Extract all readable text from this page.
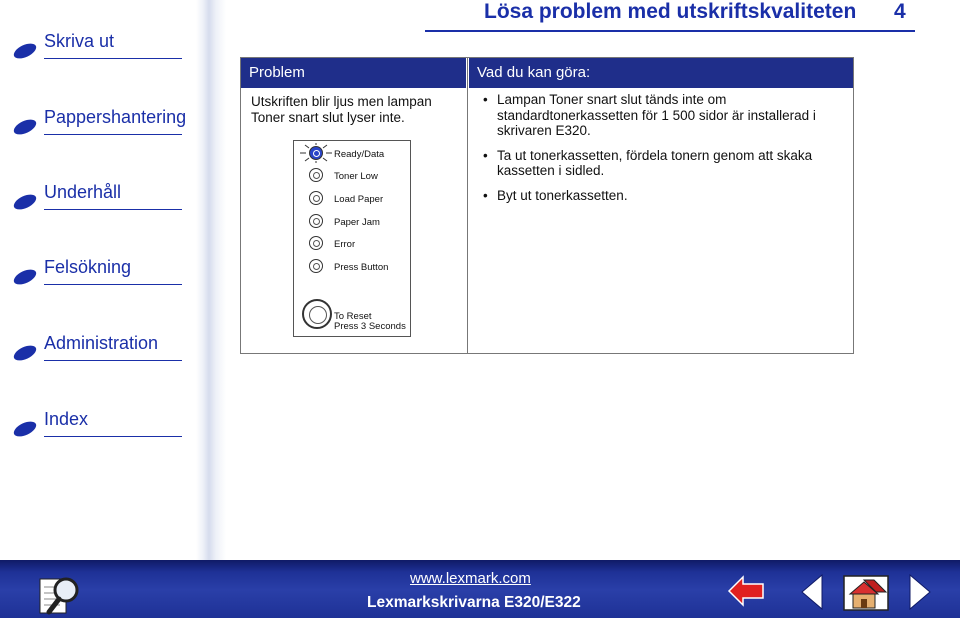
Skriva ut
Pappershantering
Underhåll
Felsökning
Administration
Index
Lösa problem med utskriftskvaliteten 4
Problem	Vad du kan göra:
Utskriften blir ljus men lampan Toner snart slut lyser inte.
• Lampan Toner snart slut tänds inte om standardtonerkassetten för 1 500 sidor är installerad i skrivaren E320.
• Ta ut tonerkassetten, fördela tonern genom att skaka kassetten i sidled.
• Byt ut tonerkassetten.
Ready/Data
Toner Low
Load Paper
Paper Jam
Error
Press Button
To Reset
Press 3 Seconds
www.lexmark.com
Lexmarkskrivarna E320/E322
